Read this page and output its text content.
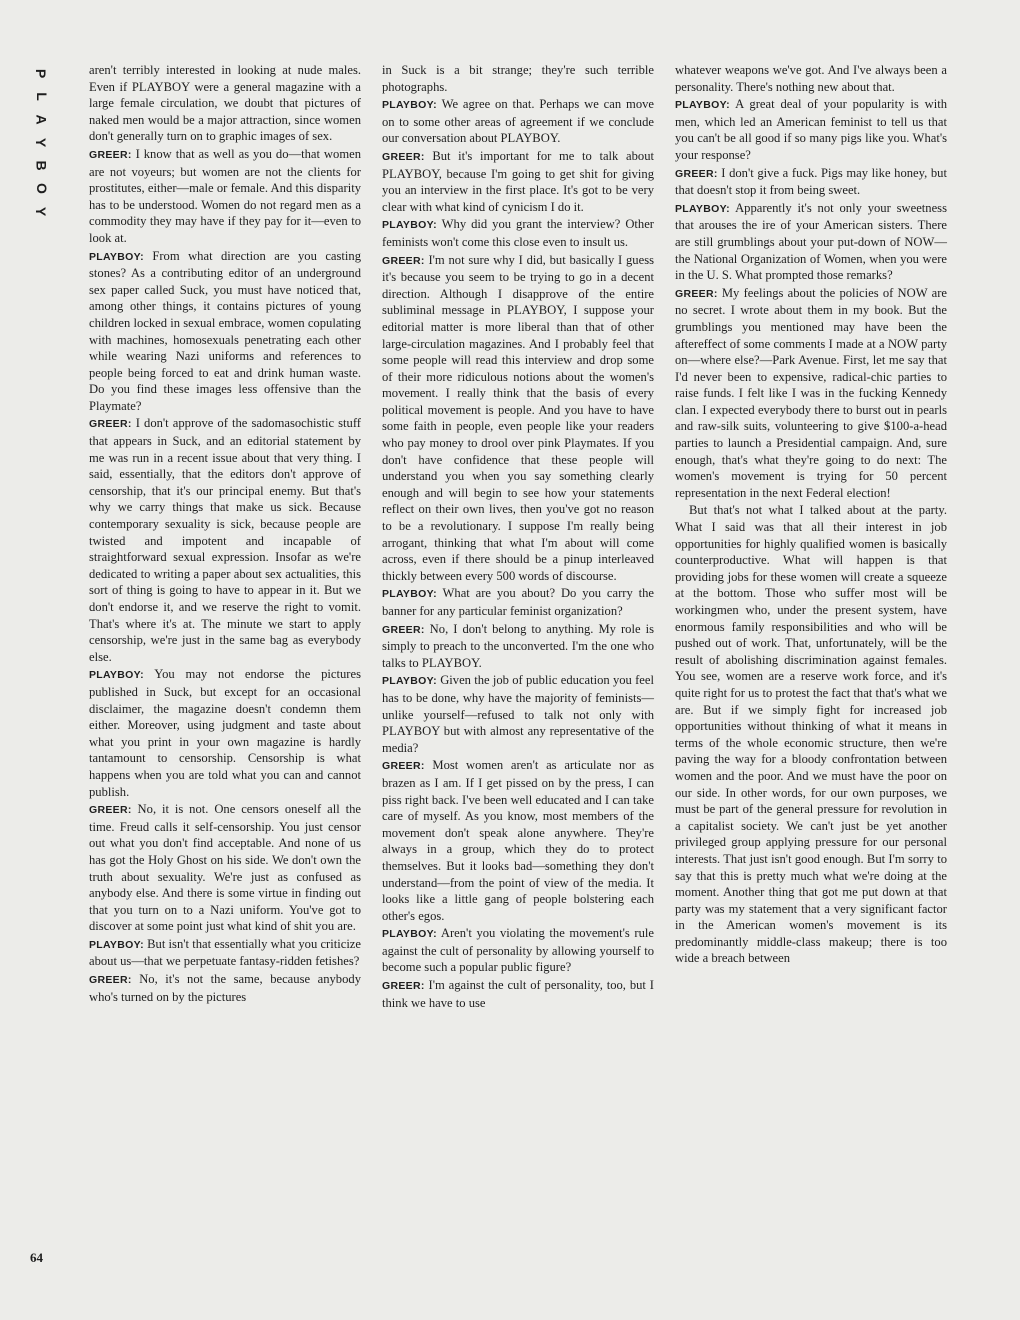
P
L
A
Y
B
O
Y

aren't terribly interested in looking at nude males. Even if PLAYBOY were a general magazine with a large female circulation, we doubt that pictures of naked men would be a major attraction, since women don't generally turn on to graphic images of sex.

GREER: I know that as well as you do—that women are not voyeurs; but women are not the clients for prostitutes, either—male or female. And this disparity has to be understood. Women do not regard men as a commodity they may have if they pay for it—even to look at.

PLAYBOY: From what direction are you casting stones? As a contributing editor of an underground sex paper called Suck, you must have noticed that, among other things, it contains pictures of young children locked in sexual embrace, women copulating with machines, homosexuals penetrating each other while wearing Nazi uniforms and references to people being forced to eat and drink human waste. Do you find these images less offensive than the Playmate?

GREER: I don't approve of the sadomasochistic stuff that appears in Suck, and an editorial statement by me was run in a recent issue about that very thing. I said, essentially, that the editors don't approve of censorship, that it's our principal enemy. But that's why we carry things that make us sick. Because contemporary sexuality is sick, because people are twisted and impotent and incapable of straightforward sexual expression. Insofar as we're dedicated to writing a paper about sex actualities, this sort of thing is going to have to appear in it. But we don't endorse it, and we reserve the right to vomit. That's where it's at. The minute we start to apply censorship, we're just in the same bag as everybody else.

PLAYBOY: You may not endorse the pictures published in Suck, but except for an occasional disclaimer, the magazine doesn't condemn them either. Moreover, using judgment and taste about what you print in your own magazine is hardly tantamount to censorship. Censorship is what happens when you are told what you can and cannot publish.

GREER: No, it is not. One censors oneself all the time. Freud calls it self-censorship. You just censor out what you don't find acceptable. And none of us has got the Holy Ghost on his side. We don't own the truth about sexuality. We're just as confused as anybody else. And there is some virtue in finding out that you turn on to a Nazi uniform. You've got to discover at some point just what kind of shit you are.

PLAYBOY: But isn't that essentially what you criticize about us—that we perpetuate fantasy-ridden fetishes?

GREER: No, it's not the same, because anybody who's turned on by the pictures

in Suck is a bit strange; they're such terrible photographs.

PLAYBOY: We agree on that. Perhaps we can move on to some other areas of agreement if we conclude our conversation about PLAYBOY.

GREER: But it's important for me to talk about PLAYBOY, because I'm going to get shit for giving you an interview in the first place. It's got to be very clear with what kind of cynicism I do it.

PLAYBOY: Why did you grant the interview? Other feminists won't come this close even to insult us.

GREER: I'm not sure why I did, but basically I guess it's because you seem to be trying to go in a decent direction. Although I disapprove of the entire subliminal message in PLAYBOY, I suppose your editorial matter is more liberal than that of other large-circulation magazines. And I probably feel that some people will read this interview and drop some of their more ridiculous notions about the women's movement. I really think that the basis of every political movement is people. And you have to have some faith in people, even people like your readers who pay money to drool over pink Playmates. If you don't have confidence that these people will understand you when you say something clearly enough and will begin to see how your statements reflect on their own lives, then you've got no reason to be a revolutionary. I suppose I'm really being arrogant, thinking that what I'm about will come across, even if there should be a pinup interleaved thickly between every 500 words of discourse.

PLAYBOY: What are you about? Do you carry the banner for any particular feminist organization?

GREER: No, I don't belong to anything. My role is simply to preach to the unconverted. I'm the one who talks to PLAYBOY.

PLAYBOY: Given the job of public education you feel has to be done, why have the majority of feminists—unlike yourself—refused to talk not only with PLAYBOY but with almost any representative of the media?

GREER: Most women aren't as articulate nor as brazen as I am. If I get pissed on by the press, I can piss right back. I've been well educated and I can take care of myself. As you know, most members of the movement don't speak alone anywhere. They're always in a group, which they do to protect themselves. But it looks bad—something they don't understand—from the point of view of the media. It looks like a little gang of people bolstering each other's egos.

PLAYBOY: Aren't you violating the movement's rule against the cult of personality by allowing yourself to become such a popular public figure?

GREER: I'm against the cult of personality, too, but I think we have to use

whatever weapons we've got. And I've always been a personality. There's nothing new about that.

PLAYBOY: A great deal of your popularity is with men, which led an American feminist to tell us that you can't be all good if so many pigs like you. What's your response?

GREER: I don't give a fuck. Pigs may like honey, but that doesn't stop it from being sweet.

PLAYBOY: Apparently it's not only your sweetness that arouses the ire of your American sisters. There are still grumblings about your put-down of NOW—the National Organization of Women, when you were in the U. S. What prompted those remarks?

GREER: My feelings about the policies of NOW are no secret. I wrote about them in my book. But the grumblings you mentioned may have been the aftereffect of some comments I made at a NOW party on—where else?—Park Avenue. First, let me say that I'd never been to expensive, radical-chic parties to raise funds. I felt like I was in the fucking Kennedy clan. I expected everybody there to burst out in pearls and raw-silk suits, volunteering to give $100-a-head parties to launch a Presidential campaign. And, sure enough, that's what they're going to do next: The women's movement is trying for 50 percent representation in the next Federal election!

But that's not what I talked about at the party. What I said was that all their interest in job opportunities for highly qualified women is basically counterproductive. What will happen is that providing jobs for these women will create a squeeze at the bottom. Those who suffer most will be workingmen who, under the present system, have enormous family responsibilities and who will be pushed out of work. That, unfortunately, will be the result of abolishing discrimination against females. You see, women are a reserve work force, and it's quite right for us to protest the fact that that's what we are. But if we simply fight for increased job opportunities without thinking of what it means in terms of the whole economic structure, then we're paving the way for a bloody confrontation between women and the poor. And we must have the poor on our side. In other words, for our own purposes, we must be part of the general pressure for revolution in a capitalist society. We can't just be yet another privileged group applying pressure for our personal interests. That just isn't good enough. But I'm sorry to say that this is pretty much what we're doing at the moment. Another thing that got me put down at that party was my statement that a very significant factor in the American women's movement is its predominantly middle-class makeup; there is too wide a breach between

64
